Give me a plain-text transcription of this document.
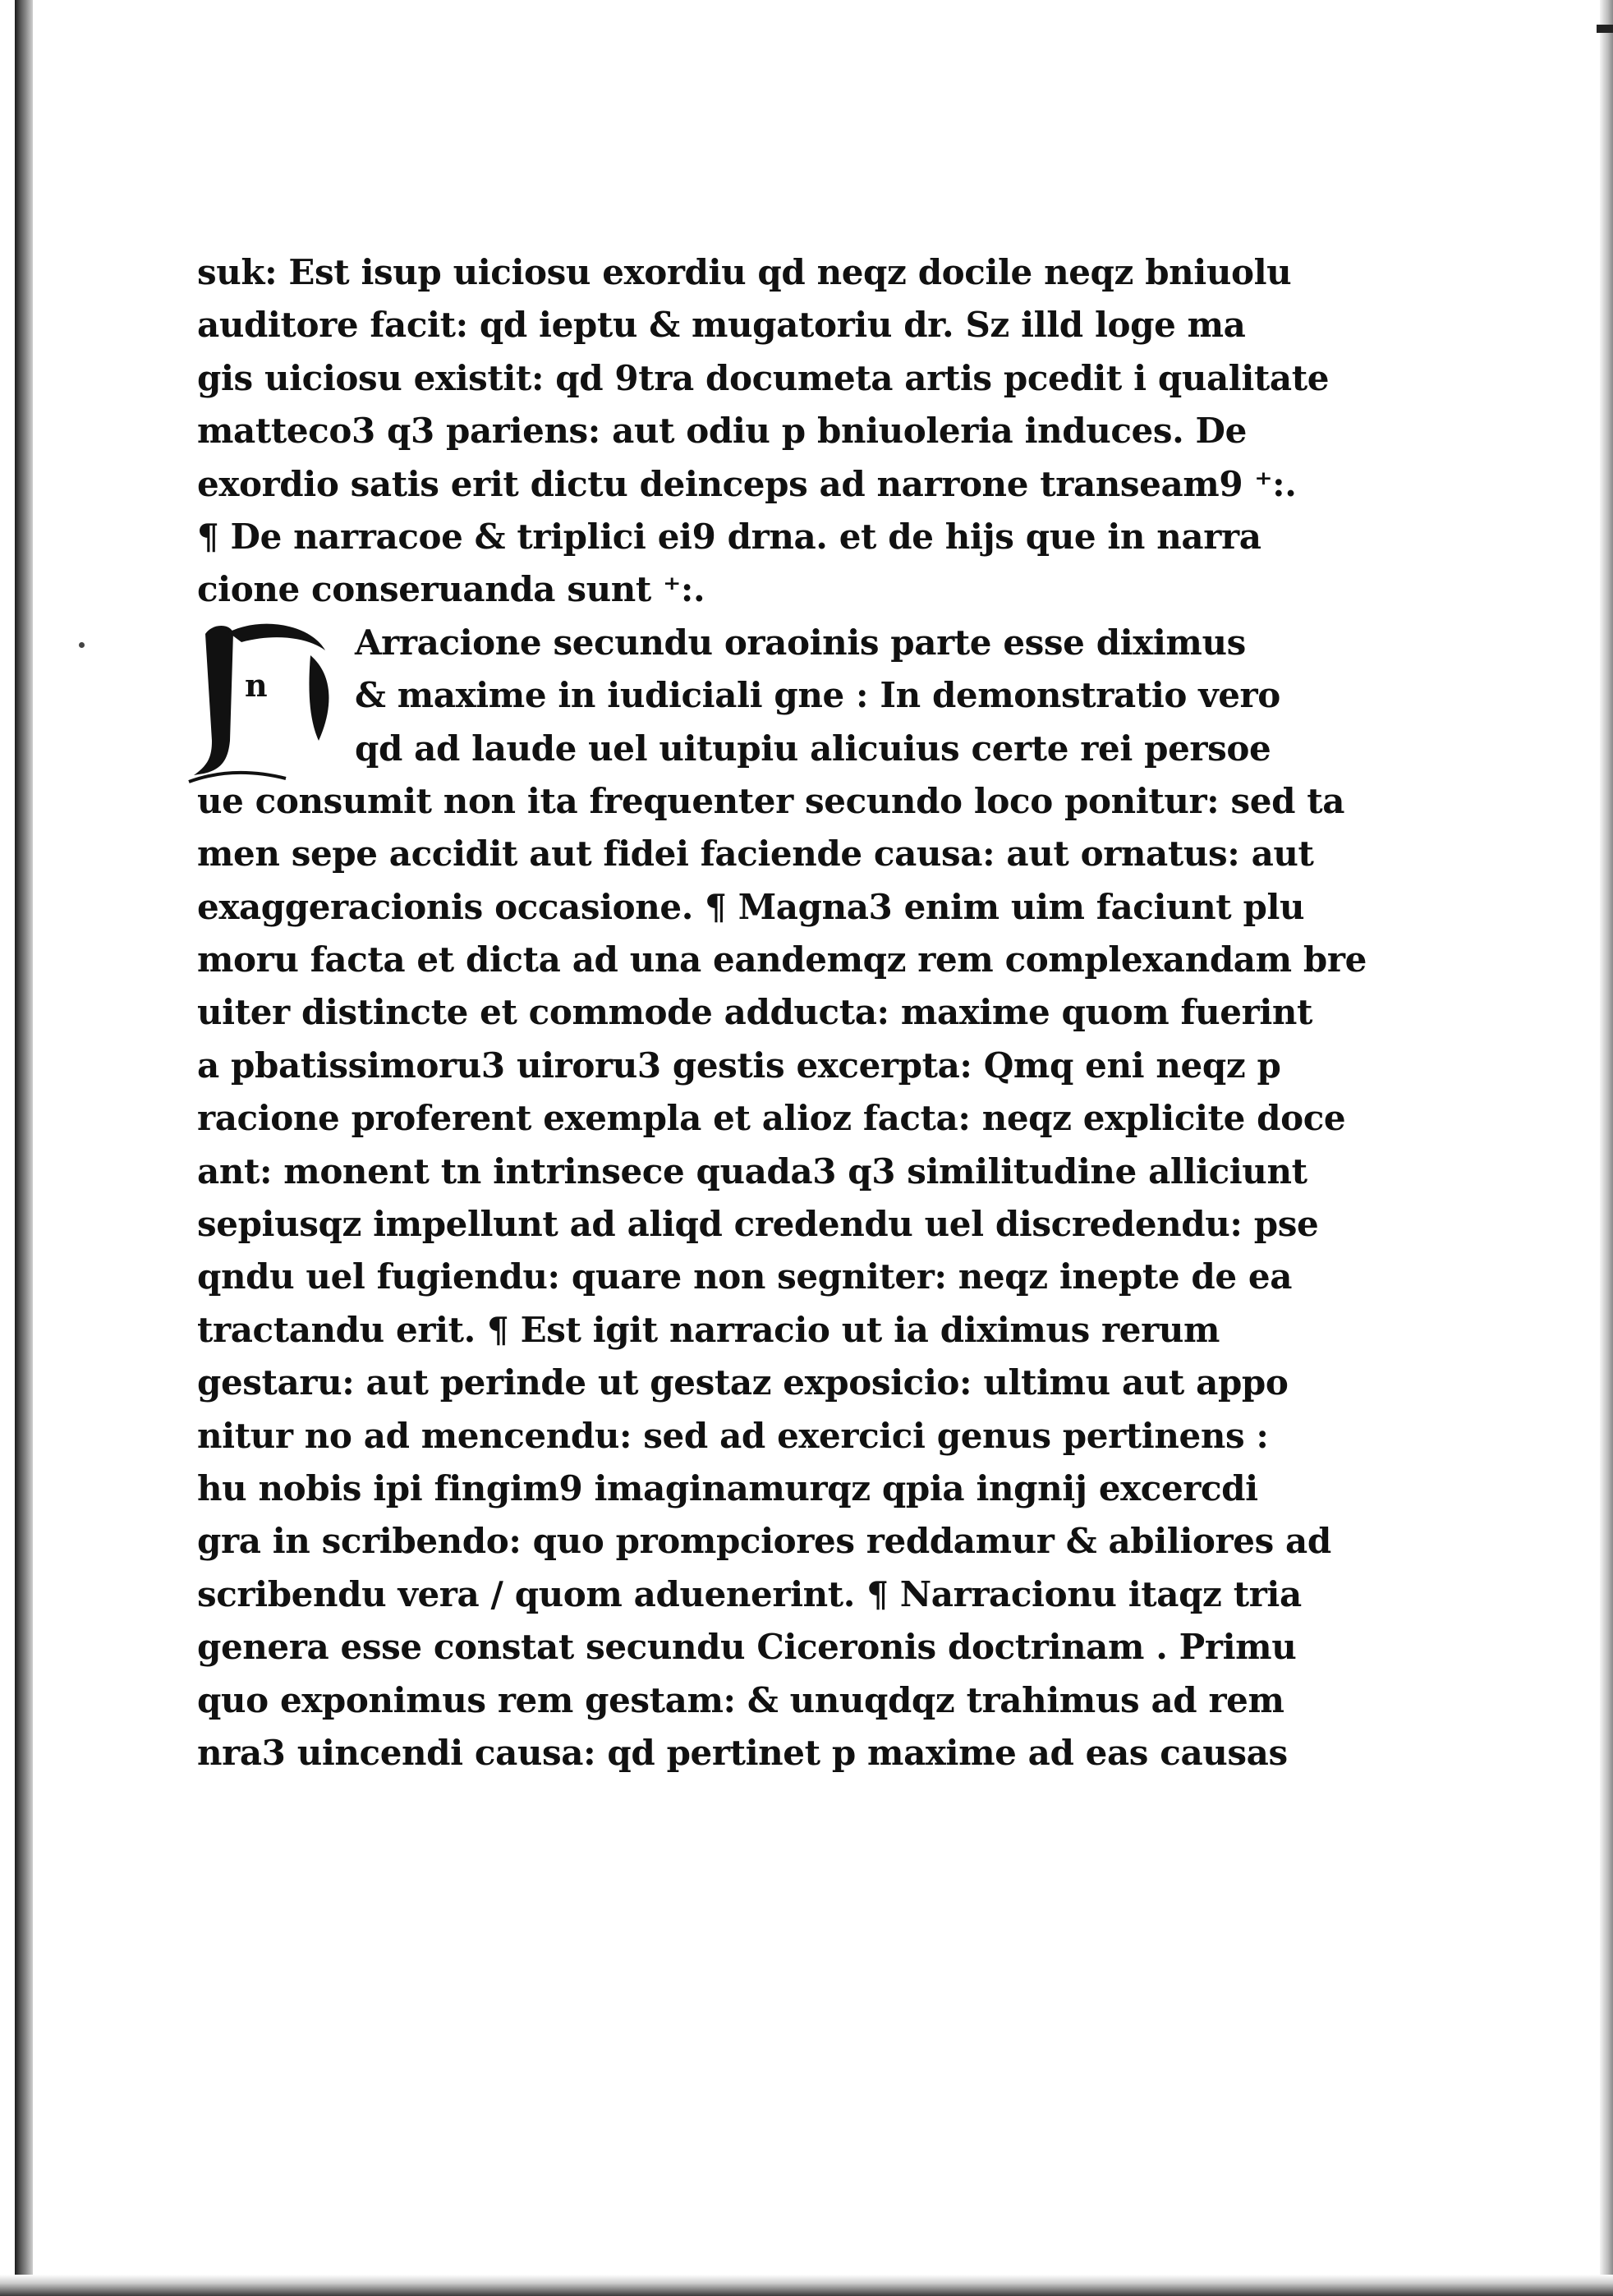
n
suk: Est isup uiciosu exordiu qd neqz docile neqz bniuolu
auditore facit: qd ieptu & mugatoriu dr. Sz illd loge ma
gis uiciosu existit: qd 9tra documeta artis pcedit i qualitate
matteco3 q3 pariens: aut odiu p bniuoleria induces. De
exordio satis erit dictu deinceps ad narrone transeam9 ⁺:.
¶ De narracoe & triplici ei9 drna. et de hijs que in narra
cione conseruanda sunt ⁺:.
Arracione secundu oraoinis parte esse diximus
& maxime in iudiciali gne : In demonstratio vero
qd ad laude uel uitupiu alicuius certe rei persoe
ue consumit non ita frequenter secundo loco ponitur: sed ta
men sepe accidit aut fidei faciende causa: aut ornatus: aut
exaggeracionis occasione. ¶ Magna3 enim uim faciunt plu
moru facta et dicta ad una eandemqz rem complexandam bre
uiter distincte et commode adducta: maxime quom fuerint
a pbatissimoru3 uiroru3 gestis excerpta: Qmq eni neqz p
racione proferent exempla et alioz facta: neqz explicite doce
ant: monent tn intrinsece quada3 q3 similitudine alliciunt
sepiusqz impellunt ad aliqd credendu uel discredendu: pse
qndu uel fugiendu: quare non segniter: neqz inepte de ea
tractandu erit. ¶ Est igit narracio ut ia diximus rerum
gestaru: aut perinde ut gestaz exposicio: ultimu aut appo
nitur no ad mencendu: sed ad exercici genus pertinens :
hu nobis ipi fingim9 imaginamurqz qpia ingnij excercdi
gra in scribendo: quo prompciores reddamur & abiliores ad
scribendu vera / quom aduenerint. ¶ Narracionu itaqz tria
genera esse constat secundu Ciceronis doctrinam . Primu
quo exponimus rem gestam: & unuqdqz trahimus ad rem
nra3 uincendi causa: qd pertinet p maxime ad eas causas
